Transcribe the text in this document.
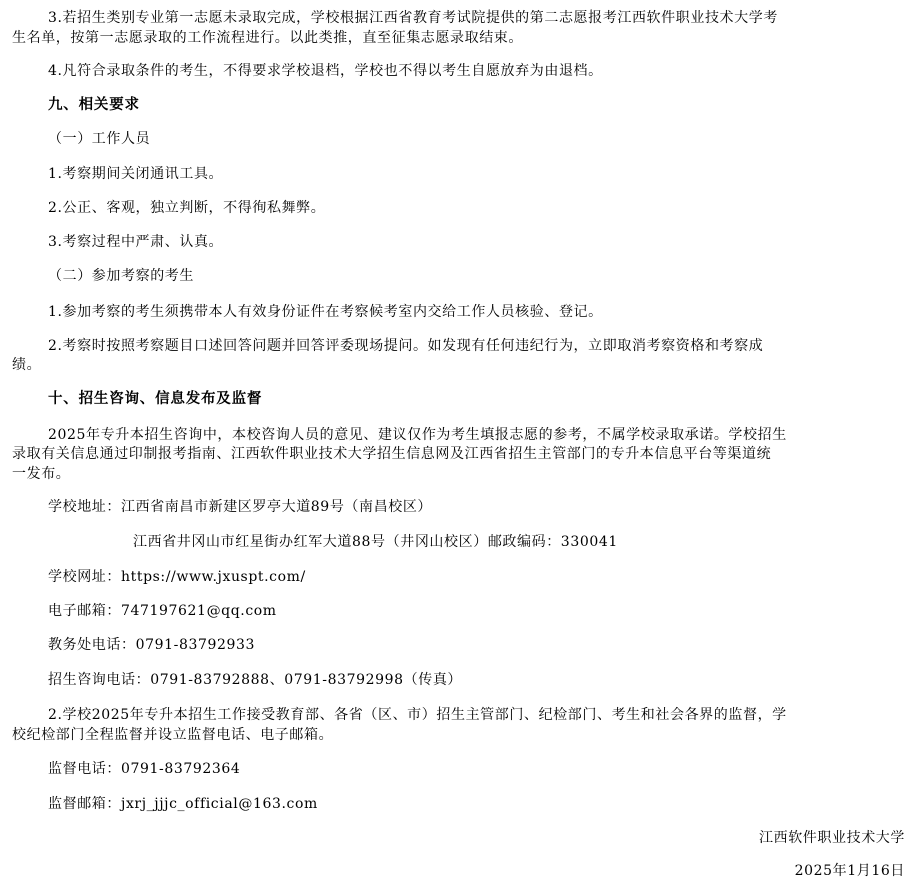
3.若招生类别专业第一志愿未录取完成，学校根据江西省教育考试院提供的第二志愿报考江西软件职业技术大学考
生名单，按第一志愿录取的工作流程进行。以此类推，直至征集志愿录取结束。
4.凡符合录取条件的考生，不得要求学校退档，学校也不得以考生自愿放弃为由退档。
九、相关要求
（一）工作人员
1.考察期间关闭通讯工具。
2.公正、客观，独立判断，不得徇私舞弊。
3.考察过程中严肃、认真。
（二）参加考察的考生
1.参加考察的考生须携带本人有效身份证件在考察候考室内交给工作人员核验、登记。
2.考察时按照考察题目口述回答问题并回答评委现场提问。如发现有任何违纪行为，立即取消考察资格和考察成
绩。
十、招生咨询、信息发布及监督
2025年专升本招生咨询中，本校咨询人员的意见、建议仅作为考生填报志愿的参考，不属学校录取承诺。学校招生
录取有关信息通过印制报考指南、江西软件职业技术大学招生信息网及江西省招生主管部门的专升本信息平台等渠道统
一发布。
学校地址：江西省南昌市新建区罗亭大道89号（南昌校区）
江西省井冈山市红星街办红军大道88号（井冈山校区）邮政编码：330041
学校网址：https://www.jxuspt.com/
电子邮箱：747197621@qq.com
教务处电话：0791-83792933
招生咨询电话：0791-83792888、0791-83792998（传真）
2.学校2025年专升本招生工作接受教育部、各省（区、市）招生主管部门、纪检部门、考生和社会各界的监督，学
校纪检部门全程监督并设立监督电话、电子邮箱。
监督电话：0791-83792364
监督邮箱：jxrj_jjjc_official@163.com
江西软件职业技术大学
2025年1月16日
